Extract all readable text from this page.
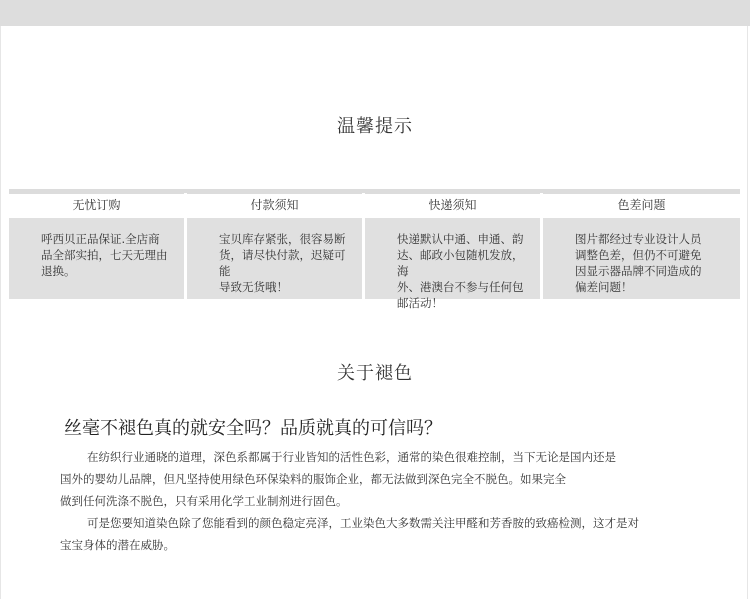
温馨提示
无忧订购
呼西贝正品保证.全店商
品全部实拍，七天无理由
退换。
付款须知
宝贝库存紧张，很容易断
货，请尽快付款，迟疑可能
导致无货哦！
快递须知
快递默认中通、申通、韵
达、邮政小包随机发放，海
外、港澳台不参与任何包
邮活动！
色差问题
图片都经过专业设计人员
调整色差，但仍不可避免
因显示器品牌不同造成的
偏差问题！
关于褪色
丝毫不褪色真的就安全吗？品质就真的可信吗？
在纺织行业通晓的道理，深色系都属于行业皆知的活性色彩，通常的染色很难控制，当下无论是国内还是
国外的婴幼儿品牌，但凡坚持使用绿色环保染料的服饰企业，都无法做到深色完全不脱色。如果完全
做到任何洗涤不脱色，只有采用化学工业制剂进行固色。
可是您要知道染色除了您能看到的颜色稳定亮泽，工业染色大多数需关注甲醛和芳香胺的致癌检测，这才是对
宝宝身体的潜在威胁。
